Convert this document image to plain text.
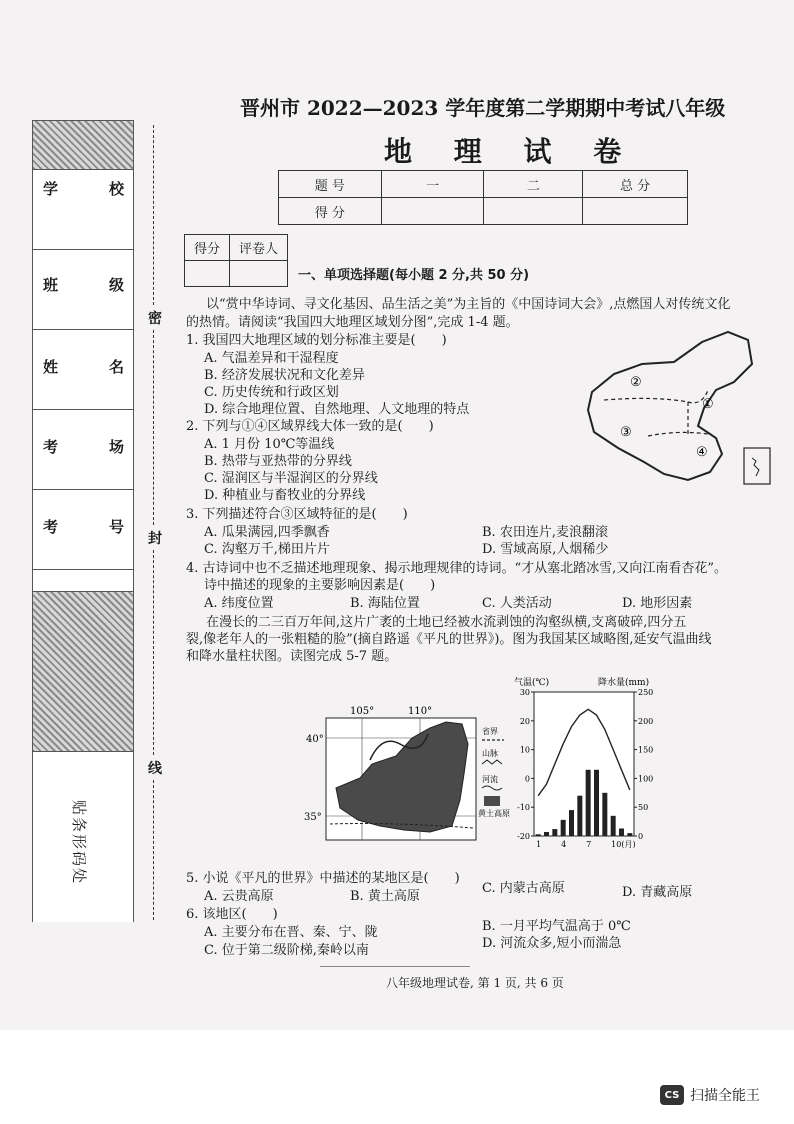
学	校
班	级
姓	名
考	场
考	号
贴条形码处
密
封
线
晋州市 2022—2023 学年度第二学期期中考试八年级
地 理 试 卷
题 号	一	二	总 分
得 分			
得分	评卷人

一、单项选择题(每小题 2 分,共 50 分)
以“赏中华诗词、寻文化基因、品生活之美”为主旨的《中国诗词大会》,点燃国人对传统文化
的热情。请阅读“我国四大地理区域划分图”,完成 1-4 题。
②
①
③
④
1. 我国四大地理区域的划分标准主要是(　　)
A. 气温差异和干湿程度
B. 经济发展状况和文化差异
C. 历史传统和行政区划
D. 综合地理位置、自然地理、人文地理的特点
2. 下列与①④区域界线大体一致的是(　　)
A. 1 月份 10℃等温线
B. 热带与亚热带的分界线
C. 湿润区与半湿润区的分界线
D. 种植业与畜牧业的分界线
3. 下列描述符合③区域特征的是(　　)
A. 瓜果满园,四季飘香	B. 农田连片,麦浪翻滚
C. 沟壑万千,梯田片片	D. 雪域高原,人烟稀少
4. 古诗词中也不乏描述地理现象、揭示地理规律的诗词。“才从塞北踏冰雪,又向江南看杏花”。
诗中描述的现象的主要影响因素是(　　)
A. 纬度位置	B. 海陆位置	C. 人类活动	D. 地形因素
在漫长的二三百万年间,这片广袤的土地已经被水流剥蚀的沟壑纵横,支离破碎,四分五
裂,像老年人的一张粗糙的脸”(摘自路遥《平凡的世界》)。图为我国某区域略图,延安气温曲线
和降水量柱状图。读图完成 5-7 题。
105°	110°
40°
35°
省界
山脉
河流
黄土高原
气温(℃)	降水量(mm)
30
20
10
0
-10
-20
250
200
150
100
50
0
1 4 7 10(月)
5. 小说《平凡的世界》中描述的某地区是(　　)
A. 云贵高原	B. 黄土高原
C. 内蒙古高原	D. 青藏高原
6. 该地区(　　)
A. 主要分布在晋、秦、宁、陇	B. 一月平均气温高于 0℃
C. 位于第二级阶梯,秦岭以南	D. 河流众多,短小而湍急
八年级地理试卷, 第 1 页, 共 6 页
CS 扫描全能王
